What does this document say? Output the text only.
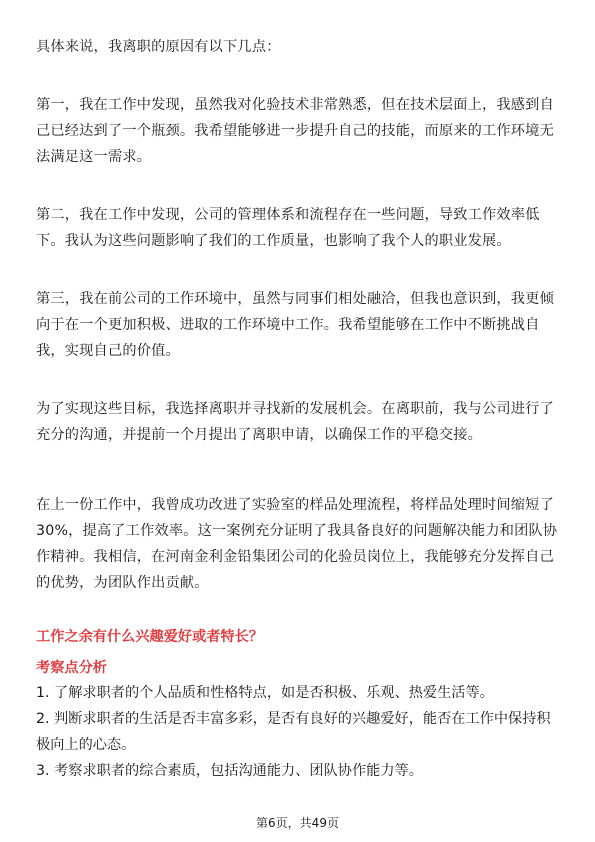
具体来说，我离职的原因有以下几点：

第一，我在工作中发现，虽然我对化验技术非常熟悉，但在技术层面上，我感到自己已经达到了一个瓶颈。我希望能够进一步提升自己的技能，而原来的工作环境无法满足这一需求。

第二，我在工作中发现，公司的管理体系和流程存在一些问题，导致工作效率低下。我认为这些问题影响了我们的工作质量，也影响了我个人的职业发展。

第三，我在前公司的工作环境中，虽然与同事们相处融洽，但我也意识到，我更倾向于在一个更加积极、进取的工作环境中工作。我希望能够在工作中不断挑战自我，实现自己的价值。

为了实现这些目标，我选择离职并寻找新的发展机会。在离职前，我与公司进行了充分的沟通，并提前一个月提出了离职申请，以确保工作的平稳交接。

在上一份工作中，我曾成功改进了实验室的样品处理流程，将样品处理时间缩短了30%，提高了工作效率。这一案例充分证明了我具备良好的问题解决能力和团队协作精神。我相信，在河南金利金铅集团公司的化验员岗位上，我能够充分发挥自己的优势，为团队作出贡献。

工作之余有什么兴趣爱好或者特长？

考察点分析

1. 了解求职者的个人品质和性格特点，如是否积极、乐观、热爱生活等。
2. 判断求职者的生活是否丰富多彩，是否有良好的兴趣爱好，能否在工作中保持积极向上的心态。
3. 考察求职者的综合素质，包括沟通能力、团队协作能力等。
第6页，共49页
